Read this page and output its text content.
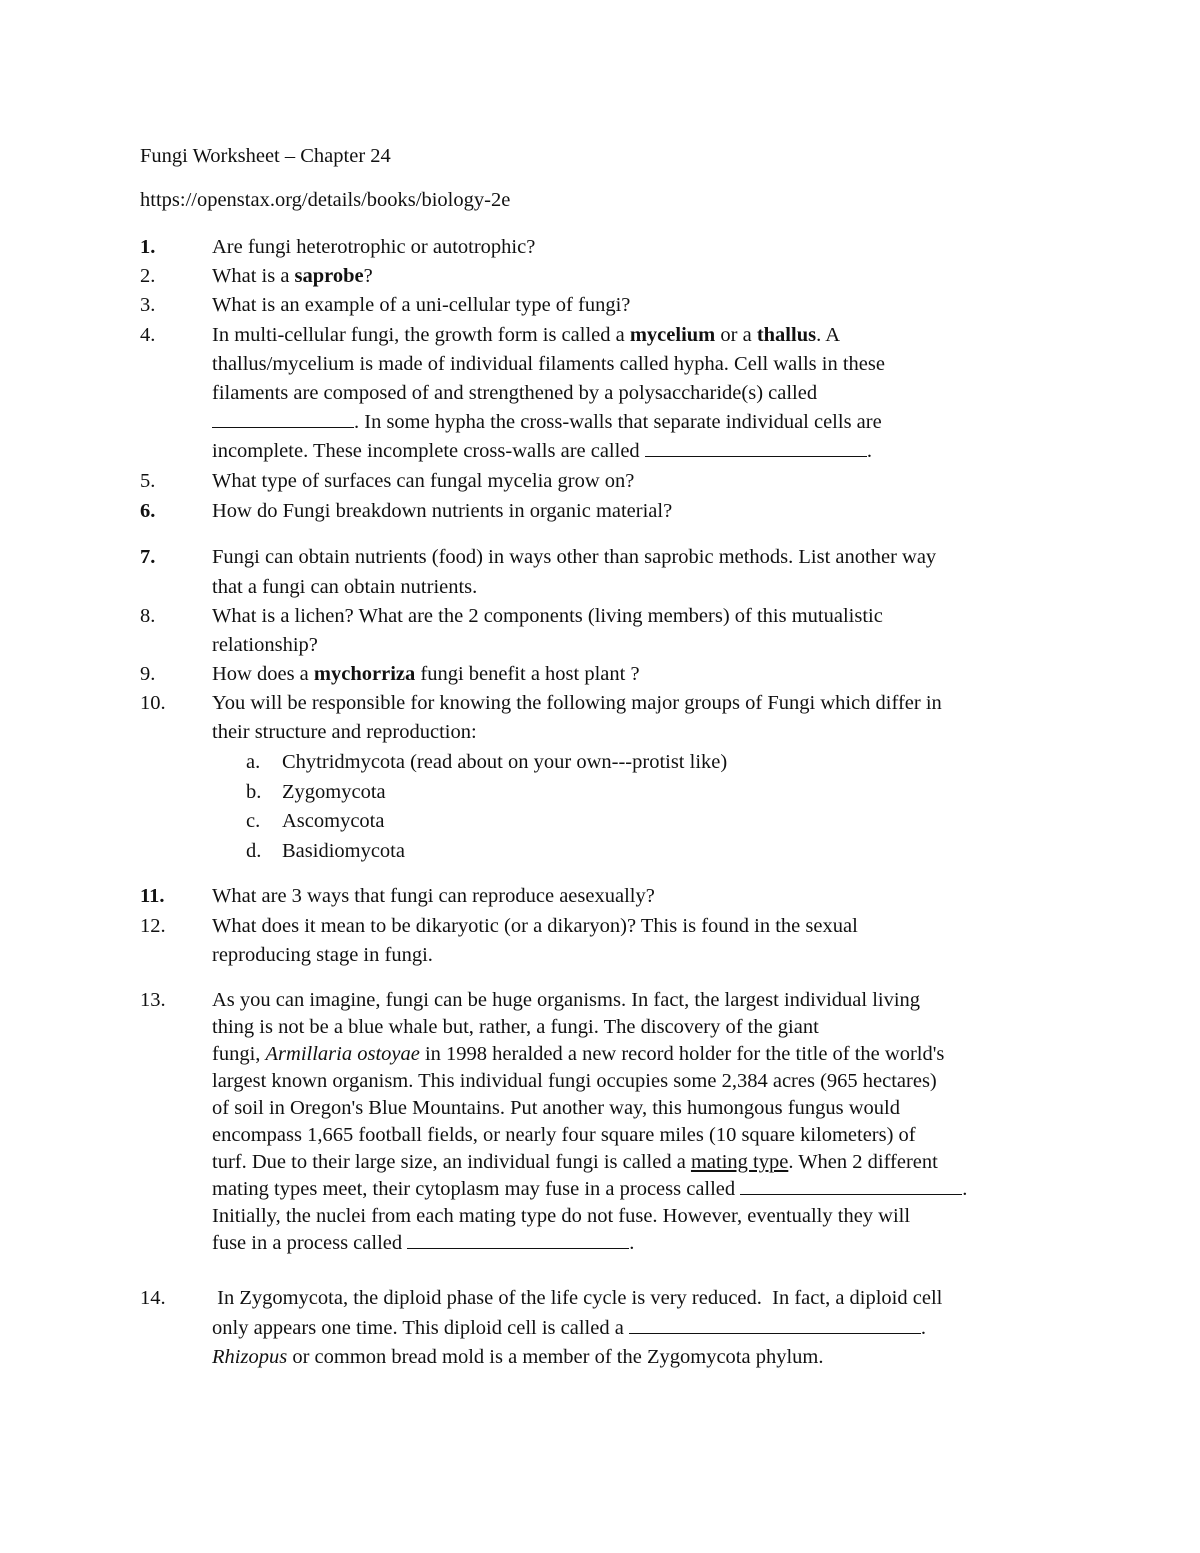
Fungi Worksheet – Chapter 24
https://openstax.org/details/books/biology-2e
1.	Are fungi heterotrophic or autotrophic?
2.	What is a saprobe?
3.	What is an example of a uni-cellular type of fungi?
4.	In multi-cellular fungi, the growth form is called a mycelium or a thallus. A
thallus/mycelium is made of individual filaments called hypha. Cell walls in these
filaments are composed of and strengthened by a polysaccharide(s) called
. In some hypha the cross-walls that separate individual cells are
incomplete. These incomplete cross-walls are called	.
5.	What type of surfaces can fungal mycelia grow on?
6.	How do Fungi breakdown nutrients in organic material?
7.	Fungi can obtain nutrients (food) in ways other than saprobic methods. List another way
that a fungi can obtain nutrients.
8.	What is a lichen? What are the 2 components (living members) of this mutualistic
relationship?
9.	How does a mychorriza fungi benefit a host plant ?
10.	You will be responsible for knowing the following major groups of Fungi which differ in
their structure and reproduction:
a.	Chytridmycota (read about on your own---protist like)
b.	Zygomycota
c.	Ascomycota
d.	Basidiomycota
11.	What are 3 ways that fungi can reproduce aesexually?
12.	What does it mean to be dikaryotic (or a dikaryon)? This is found in the sexual
reproducing stage in fungi.
13.	As you can imagine, fungi can be huge organisms. In fact, the largest individual living
thing is not be a blue whale but, rather, a fungi. The discovery of the giant
fungi, Armillaria ostoyae in 1998 heralded a new record holder for the title of the world's
largest known organism. This individual fungi occupies some 2,384 acres (965 hectares)
of soil in Oregon's Blue Mountains. Put another way, this humongous fungus would
encompass 1,665 football fields, or nearly four square miles (10 square kilometers) of
turf. Due to their large size, an individual fungi is called a mating type. When 2 different
mating types meet, their cytoplasm may fuse in a process called	.
Initially, the nuclei from each mating type do not fuse. However, eventually they will
fuse in a process called	.
14.	In Zygomycota, the diploid phase of the life cycle is very reduced.  In fact, a diploid cell
only appears one time. This diploid cell is called a	.
Rhizopus or common bread mold is a member of the Zygomycota phylum.
